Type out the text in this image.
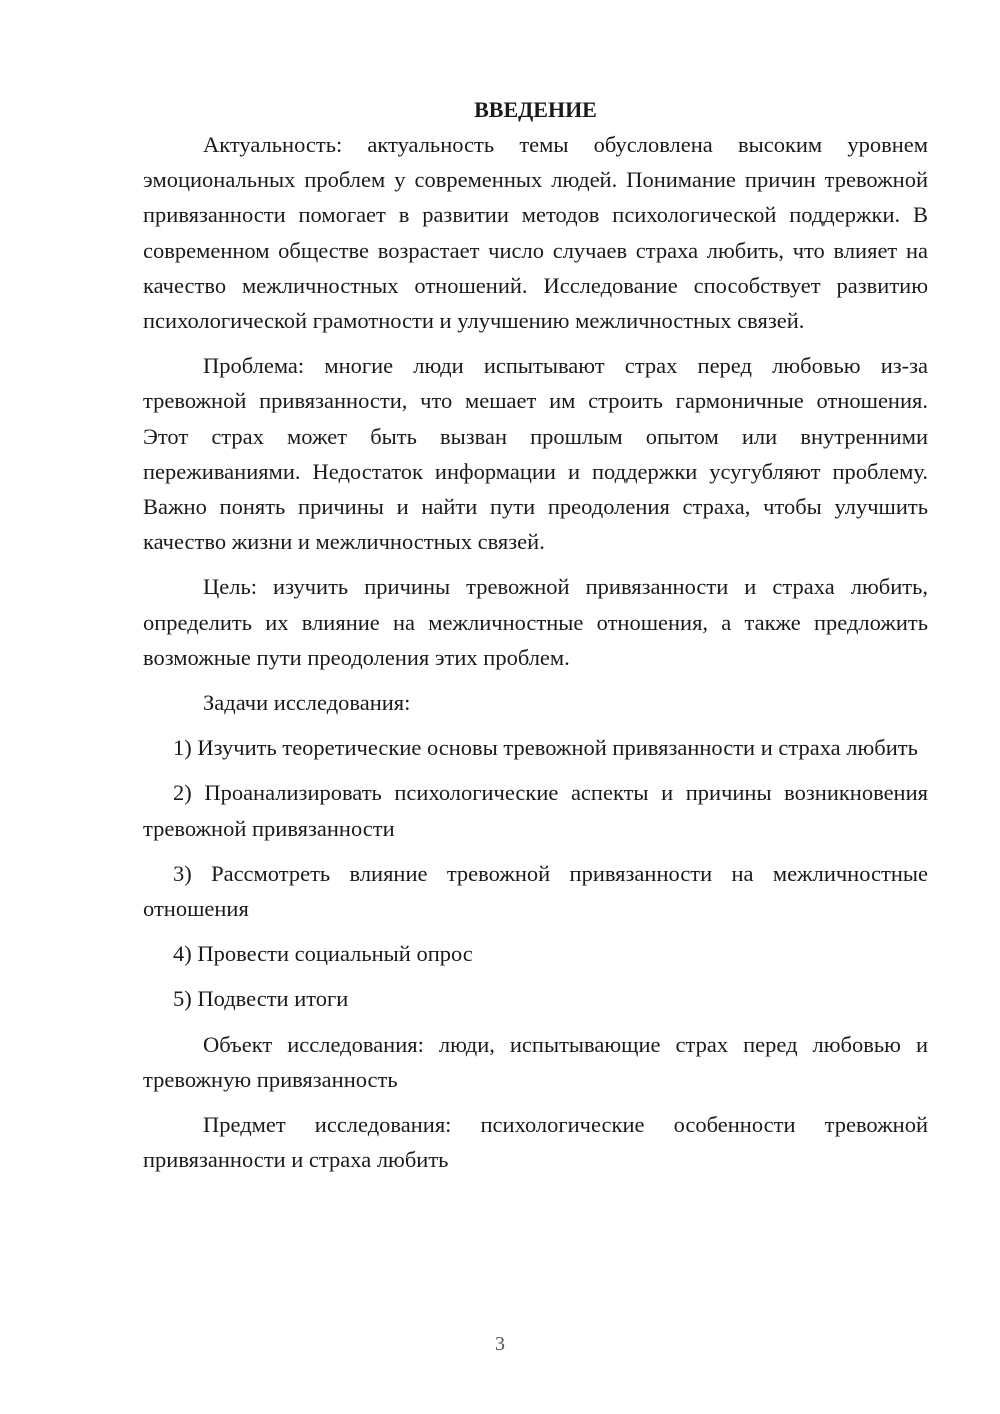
ВВЕДЕНИЕ

Актуальность: актуальность темы обусловлена высоким уровнем эмоциональных проблем у современных людей. Понимание причин тревожной привязанности помогает в развитии методов психологической поддержки. В современном обществе возрастает число случаев страха любить, что влияет на качество межличностных отношений. Исследование способствует развитию психологической грамотности и улучшению межличностных связей.

Проблема: многие люди испытывают страх перед любовью из-за тревожной привязанности, что мешает им строить гармоничные отношения. Этот страх может быть вызван прошлым опытом или внутренними переживаниями. Недостаток информации и поддержки усугубляют проблему. Важно понять причины и найти пути преодоления страха, чтобы улучшить качество жизни и межличностных связей.

Цель: изучить причины тревожной привязанности и страха любить, определить их влияние на межличностные отношения, а также предложить возможные пути преодоления этих проблем.

Задачи исследования:

1) Изучить теоретические основы тревожной привязанности и страха любить

2) Проанализировать психологические аспекты и причины возникновения тревожной привязанности

3) Рассмотреть влияние тревожной привязанности на межличностные отношения

4) Провести социальный опрос

5) Подвести итоги

Объект исследования: люди, испытывающие страх перед любовью и тревожную привязанность

Предмет исследования: психологические особенности тревожной привязанности и страха любить

3
